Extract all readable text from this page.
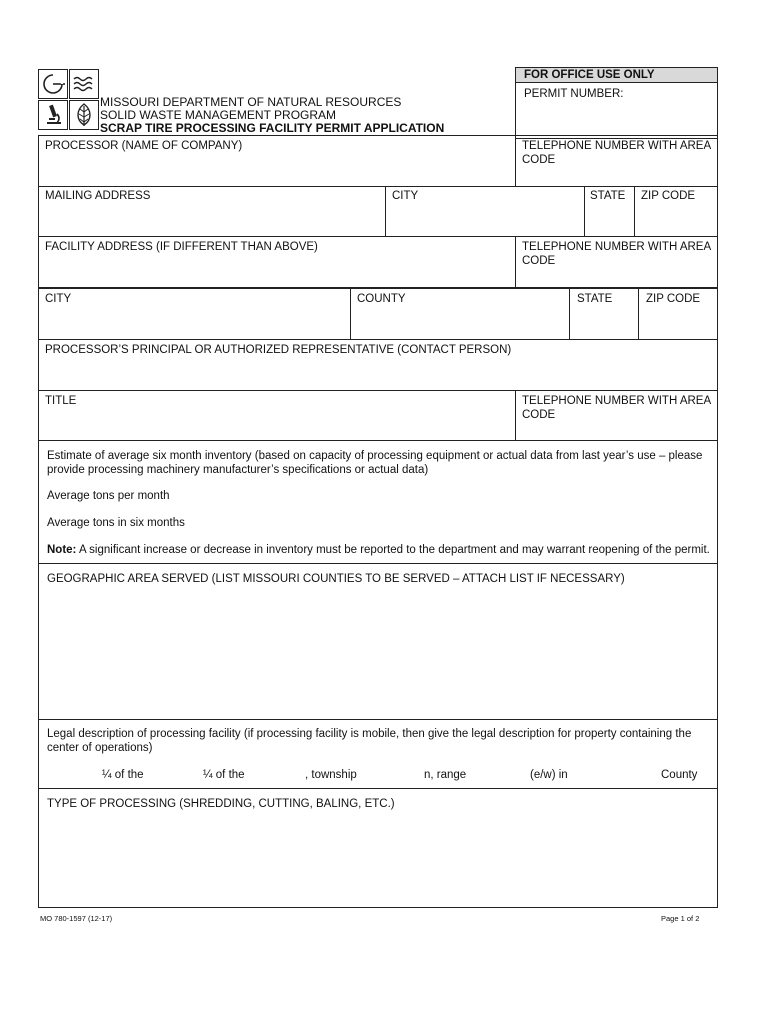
MISSOURI DEPARTMENT OF NATURAL RESOURCES
SOLID WASTE MANAGEMENT PROGRAM
SCRAP TIRE PROCESSING FACILITY PERMIT APPLICATION
FOR OFFICE USE ONLY
PERMIT NUMBER:
PROCESSOR (NAME OF COMPANY)	TELEPHONE NUMBER WITH AREA CODE
MAILING ADDRESS	CITY	STATE ZIP CODE
FACILITY ADDRESS (IF DIFFERENT THAN ABOVE)	TELEPHONE NUMBER WITH AREA CODE
CITY	COUNTY	STATE	ZIP CODE
PROCESSOR’S PRINCIPAL OR AUTHORIZED REPRESENTATIVE (CONTACT PERSON)
TITLE	TELEPHONE NUMBER WITH AREA CODE
Estimate of average six month inventory (based on capacity of processing equipment or actual data from last year’s use – please provide processing machinery manufacturer’s specifications or actual data)
Average tons per month
Average tons in six months
Note: A significant increase or decrease in inventory must be reported to the department and may warrant reopening of the permit.
GEOGRAPHIC AREA SERVED (LIST MISSOURI COUNTIES TO BE SERVED – ATTACH LIST IF NECESSARY)
Legal description of processing facility (if processing facility is mobile, then give the legal description for property containing the center of operations)
¼ of the	¼ of the	, township	n, range	(e/w) in	County
TYPE OF PROCESSING (SHREDDING, CUTTING, BALING, ETC.)
MO 780-1597 (12-17)	Page 1 of 2
